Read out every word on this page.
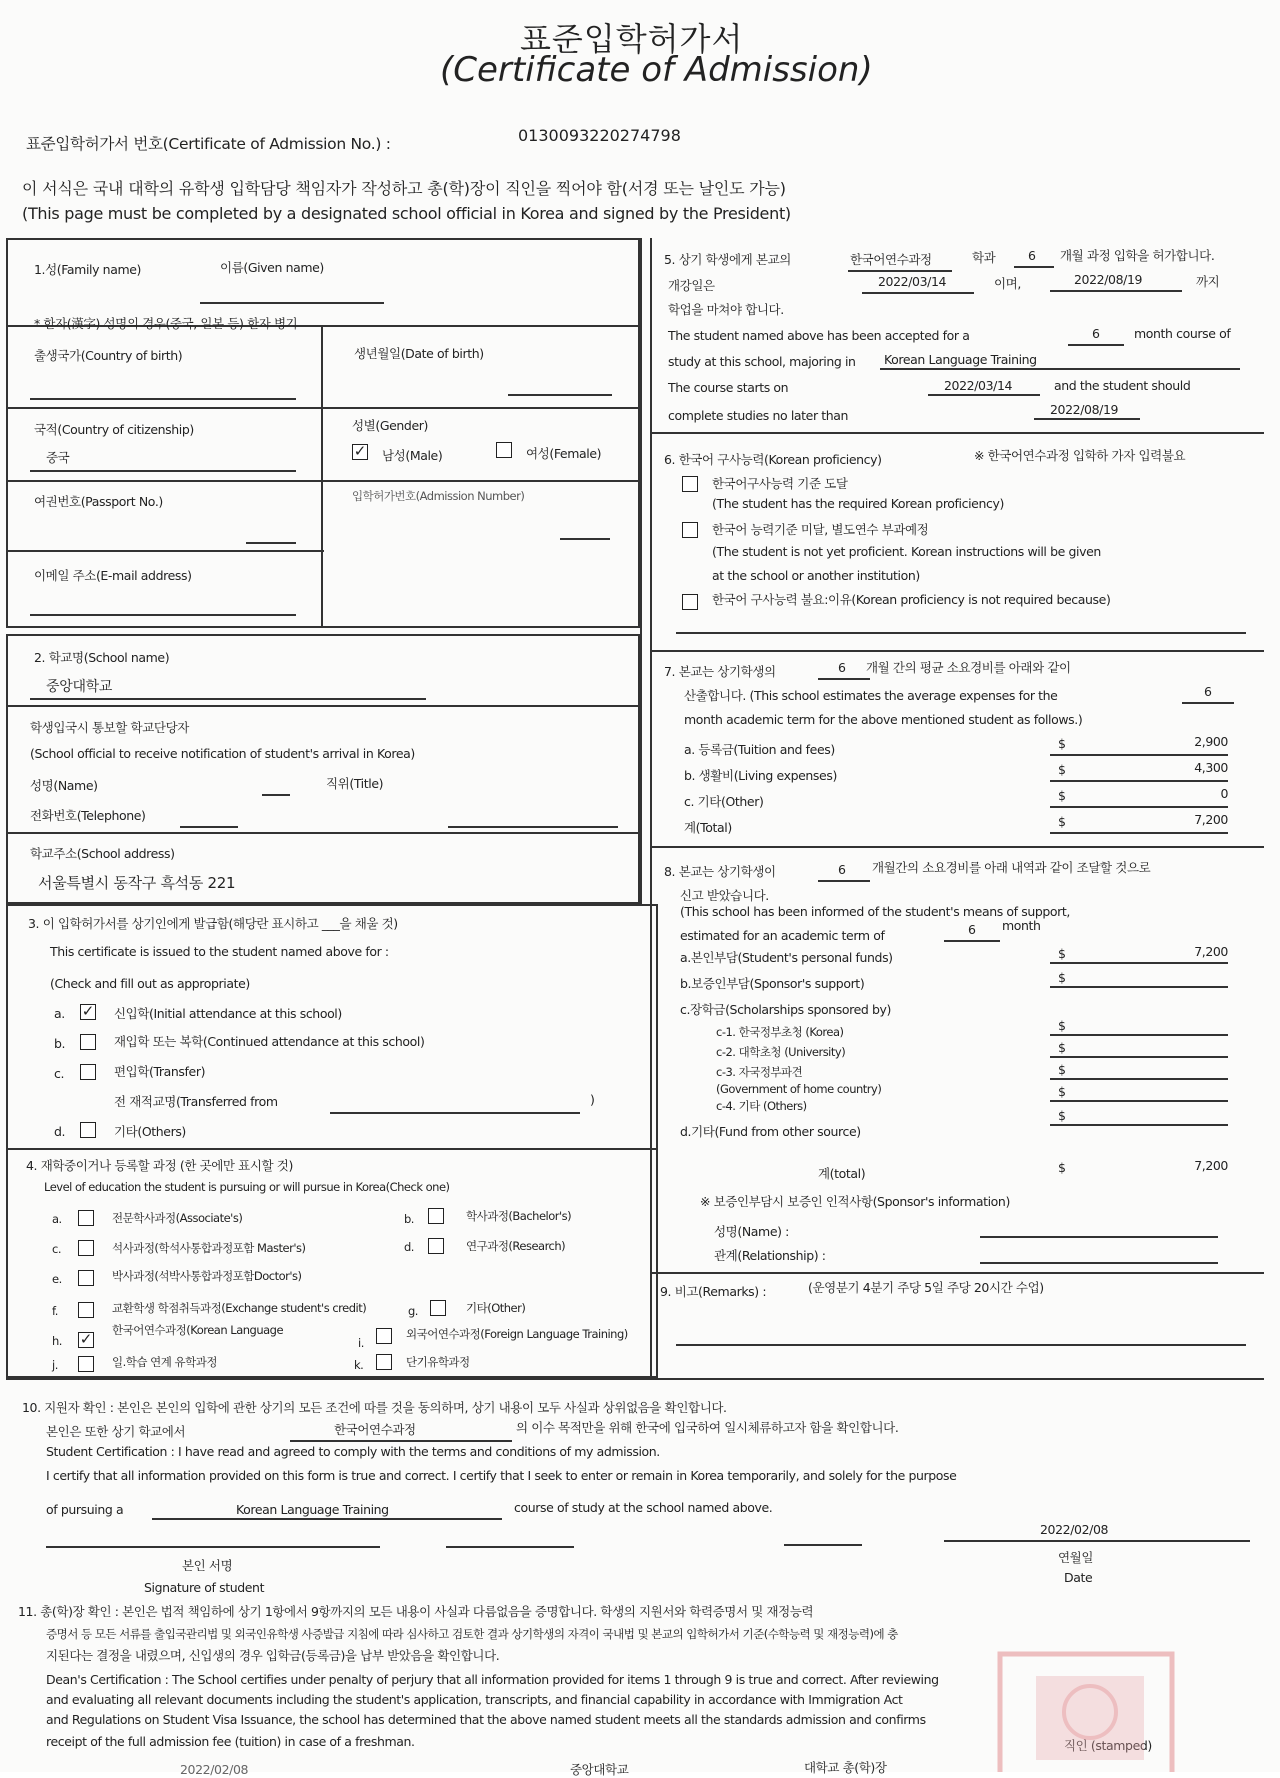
표준입학허가서
(Certificate of Admission)
표준입학허가서 번호(Certificate of Admission No.) :	0130093220274798
이 서식은 국내 대학의 유학생 입학담당 책임자가 작성하고 총(학)장이 직인을 찍어야 함(서경 또는 날인도 가능)
(This page must be completed by a designated school official in Korea and signed by the President)
1.성(Family name)	이름(Given name)
* 한자(漢字) 성명의 경우(중국, 일본 등) 한자 병기
출생국가(Country of birth)	생년월일(Date of birth)
국적(Country of citizenship)
중국
성별(Gender)
✓ 남성(Male)	여성(Female)
여권번호(Passport No.)	입학허가번호(Admission Number)
이메일 주소(E-mail address)
2. 학교명(School name)
중앙대학교
학생입국시 통보할 학교단당자
(School official to receive notification of student's arrival in Korea)
성명(Name)	직위(Title)
전화번호(Telephone)
학교주소(School address)
서울특별시 동작구 흑석동 221
3. 이 입학허가서를 상기인에게 발급함(해당란 표시하고 ___을 채울 것)
This certificate is issued to the student named above for :
(Check and fill out as appropriate)
a. ✓ 신입학(Initial attendance at this school)
b.	재입학 또는 복학(Continued attendance at this school)
c.	편입학(Transfer)
전 재적교명(Transferred from	)
d.	기타(Others)
4. 재학중이거나 등록할 과정 (한 곳에만 표시할 것)
Level of education the student is pursuing or will pursue in Korea(Check one)
a.	전문학사과정(Associate's)	b.	학사과정(Bachelor's)
c.	석사과정(학석사통합과정포함 Master's)	d.	연구과정(Research)
e.	박사과정(석박사통합과정포함Doctor's)
f.	교환학생 학점취득과정(Exchange student's credit)	g.	기타(Other)
h. ✓ 한국어연수과정(Korean Language
i.
외국어연수과정(Foreign Language Training)
j.	일.학습 연계 유학과정	k.	단기유학과정
5. 상기 학생에게 본교의	한국어연수과정	학과	6 개월 과정 입학을 허가합니다.
개강일은	2022/03/14	이며,	2022/08/19	까지
학업을 마쳐야 합니다.
The student named above has been accepted for a	6	month course of
study at this school, majoring in Korean Language Training
The course starts on	2022/03/14	and the student should
complete studies no later than	2022/08/19
6. 한국어 구사능력(Korean proficiency)	※ 한국어연수과정 입학하 가자 입력불요
한국어구사능력 기준 도달
(The student has the required Korean proficiency)
한국어 능력기준 미달, 별도연수 부과예정
(The student is not yet proficient. Korean instructions will be given
at the school or another institution)
한국어 구사능력 불요:이유(Korean proficiency is not required because)
7. 본교는 상기학생의	6 개월 간의 평균 소요경비를 아래와 같이
산출합니다. (This school estimates the average expenses for the	6
month academic term for the above mentioned student as follows.)
a. 등록금(Tuition and fees)	$	2,900
b. 생활비(Living expenses)	$	4,300
c. 기타(Other)	$	0
계(Total)	$	7,200
8. 본교는 상기학생이	6 개월간의 소요경비를 아래 내역과 같이 조달할 것으로
신고 받았습니다.
(This school has been informed of the student's means of support,
estimated for an academic term of	6 month
a.본인부담(Student's personal funds)	$	7,200
b.보증인부담(Sponsor's support)	$
c.장학금(Scholarships sponsored by)
c-1. 한국정부초청 (Korea)	$
c-2. 대학초청 (University)	$
c-3. 자국정부파견	$
(Government of home country)
c-4. 기타 (Others)
$
d.기타(Fund from other source)
$
계(total)	$	7,200
※ 보증인부담시 보증인 인적사항(Sponsor's information)
성명(Name) :
관계(Relationship) :
9. 비고(Remarks) :	(운영분기 4분기 주당 5일 주당 20시간 수업)
10. 지원자 확인 : 본인은 본인의 입학에 관한 상기의 모든 조건에 따를 것을 동의하며, 상기 내용이 모두 사실과 상위없음을 확인합니다.
본인은 또한 상기 학교에서	한국어연수과정	의 이수 목적만을 위해 한국에 입국하여 일시체류하고자 함을 확인합니다.
Student Certification : I have read and agreed to comply with the terms and conditions of my admission.
I certify that all information provided on this form is true and correct. I certify that I seek to enter or remain in Korea temporarily, and solely for the purpose
of pursuing a	Korean Language Training	course of study at the school named above.
2022/02/08
본인 서명
Signature of student
연월일
Date
11. 총(학)장 확인 : 본인은 법적 책임하에 상기 1항에서 9항까지의 모든 내용이 사실과 다름없음을 증명합니다. 학생의 지원서와 학력증명서 및 재정능력
증명서 등 모든 서류를 출입국관리법 및 외국인유학생 사증발급 지침에 따라 심사하고 검토한 결과 상기학생의 자격이 국내법 및 본교의 입학허가서 기준(수학능력 및 재정능력)에 충
지된다는 결정을 내렸으며, 신입생의 경우 입학금(등록금)을 납부 받았음을 확인합니다.
Dean's Certification : The School certifies under penalty of perjury that all information provided for items 1 through 9 is true and correct. After reviewing
and evaluating all relevant documents including the student's application, transcripts, and financial capability in accordance with Immigration Act
and Regulations on Student Visa Issuance, the school has determined that the above named student meets all the standards admission and confirms
receipt of the full admission fee (tuition) in case of a freshman.	직인 (stamped)
2022/02/08	중앙대학교	대학교 총(학)장
